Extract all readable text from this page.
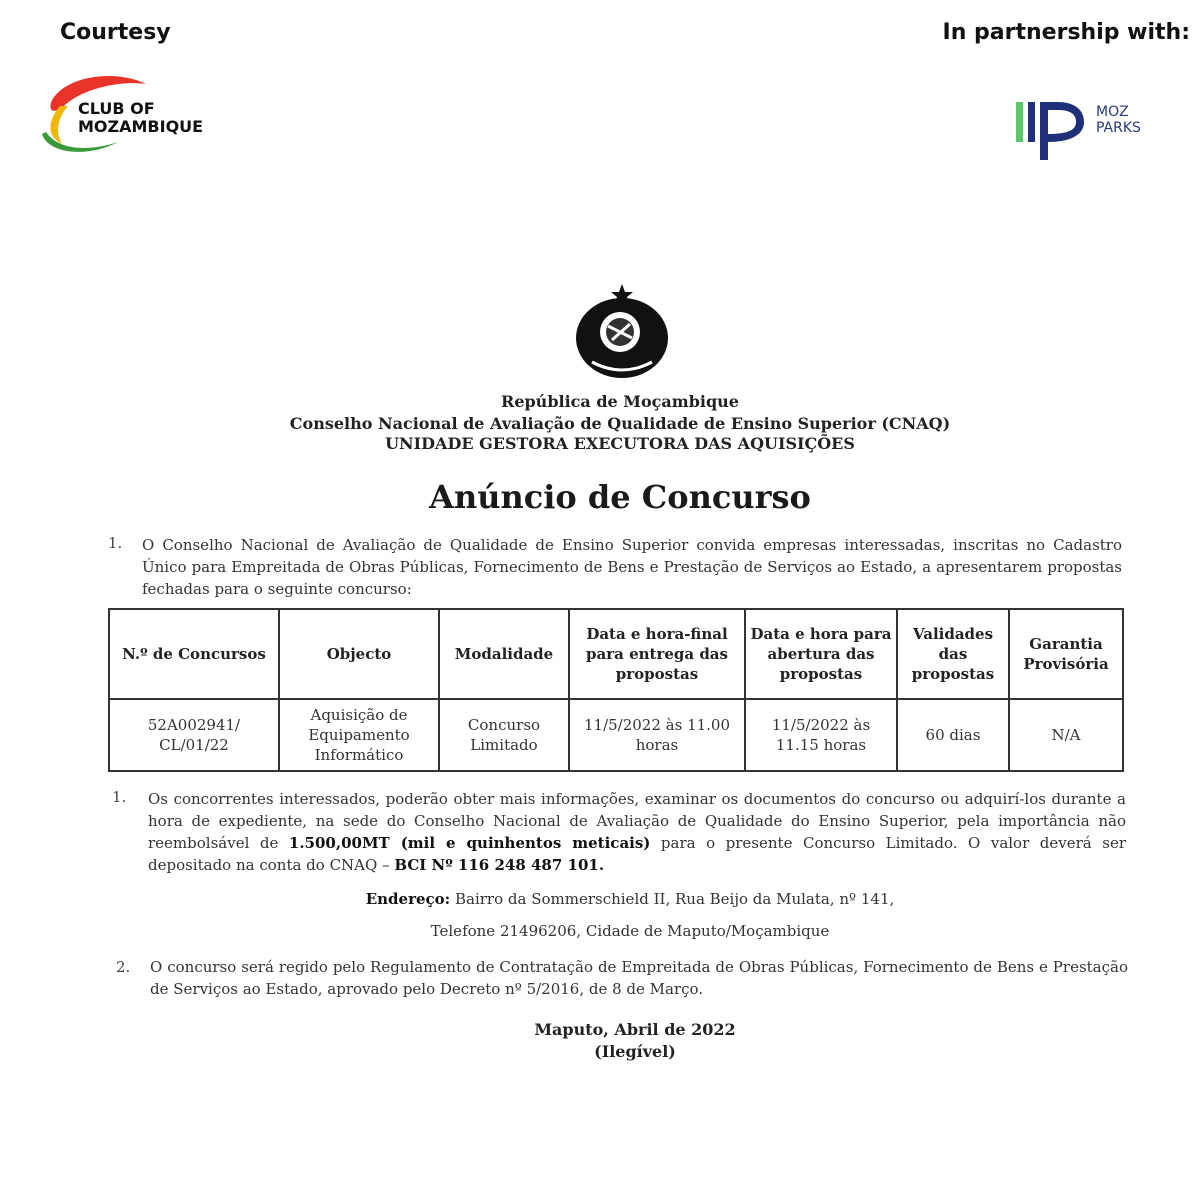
Courtesy	In partnership with:
CLUB OF
MOZAMBIQUE
MOZ
PARKS
República de Moçambique
Conselho Nacional de Avaliação de Qualidade de Ensino Superior (CNAQ)
UNIDADE GESTORA EXECUTORA DAS AQUISIÇÕES
Anúncio de Concurso
1. O Conselho Nacional de Avaliação de Qualidade de Ensino Superior convida empresas interessadas, inscritas no Cadastro Único para Empreitada de Obras Públicas, Fornecimento de Bens e Prestação de Serviços ao Estado, a apresentarem propostas fechadas para o seguinte concurso:
N.º de Concursos	Objecto	Modalidade	Data e hora-final para entrega das propostas	Data e hora para abertura das propostas	Validades das propostas	Garantia Provisória
52A002941/ CL/01/22	Aquisição de Equipamento Informático	Concurso Limitado	11/5/2022 às 11.00 horas	11/5/2022 às 11.15 horas	60 dias	N/A
1. Os concorrentes interessados, poderão obter mais informações, examinar os documentos do concurso ou adquirí-los durante a hora de expediente, na sede do Conselho Nacional de Avaliação de Qualidade do Ensino Superior, pela importância não reembolsável de 1.500,00MT (mil e quinhentos meticais) para o presente Concurso Limitado. O valor deverá ser depositado na conta do CNAQ – BCI Nº 116 248 487 101.
Endereço: Bairro da Sommerschield II, Rua Beijo da Mulata, nº 141,
Telefone 21496206, Cidade de Maputo/Moçambique
2. O concurso será regido pelo Regulamento de Contratação de Empreitada de Obras Públicas, Fornecimento de Bens e Prestação de Serviços ao Estado, aprovado pelo Decreto nº 5/2016, de 8 de Março.
Maputo, Abril de 2022
(Ilegível)
